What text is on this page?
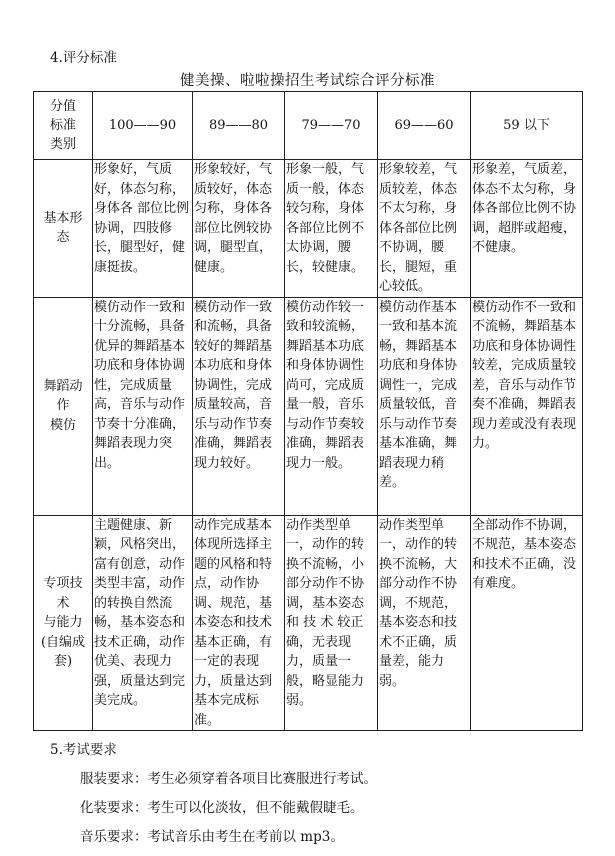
4.评分标准
健美操、啦啦操招生考试综合评分标准
分值
标准
类别	100——90	89——80	79——70	69——60	59 以下
基本形
态	形象好，气质好，体态匀称，身体各 部位比例协调，四肢修长，腿型好，健康挺拔。	形象较好，气质较好，体态匀称，身体各部位比例较协调，腿型直，健康。	形象一般，气质一般，体态较匀称，身体各部位比例不太协调，腰长，较健康。	形象较差，气质较差，体态不太匀称，身体各部位比例不协调，腰长，腿短，重心较低。	形象差，气质差，体态不太匀称，身体各部位比例不协调，超胖或超瘦，不健康。
舞蹈动
作
模仿	模仿动作一致和十分流畅，具备优异的舞蹈基本功底和身体协调性，完成质量高，音乐与动作节奏十分准确，舞蹈表现力突出。	模仿动作一致和流畅，具备较好的舞蹈基本功底和身体协调性，完成质量较高，音乐与动作节奏准确，舞蹈表现力较好。	模仿动作较一致和较流畅，舞蹈基本功底和身体协调性尚可，完成质量一般，音乐与动作节奏较准确，舞蹈表现力一般。	模仿动作基本一致和基本流畅，舞蹈基本功底和身体协调性一，完成质量较低，音乐与动作节奏基本准确，舞蹈表现力稍差。	模仿动作不一致和不流畅，舞蹈基本功底和身体协调性较差，完成质量较差，音乐与动作节奏不准确，舞蹈表现力差或没有表现力。
专项技
术
与能力
(自编成
套)	主题健康、新颖，风格突出，富有创意，动作类型丰富，动作的转换自然流畅，基本姿态和技术正确，动作优美、表现力强，质量达到完美完成。	动作完成基本体现所选择主题的风格和特点，动作协调、规范，基本姿态和技术基本正确，有一定的表现力，质量达到基本完成标准。	动作类型单一，动作的转换不流畅，小部分动作不协调，基本姿态和 技 术 较正确，无表现力，质量一般，略显能力弱。	动作类型单一，动作的转换不流畅，大部分动作不协调，不规范，基本姿态和技术不正确，质量差，能力弱。	全部动作不协调，不规范，基本姿态和技术不正确，没有难度。
5.考试要求
服装要求：考生必须穿着各项目比赛服进行考试。
化装要求：考生可以化淡妆，但不能戴假睫毛。
音乐要求：考试音乐由考生在考前以 mp3。
